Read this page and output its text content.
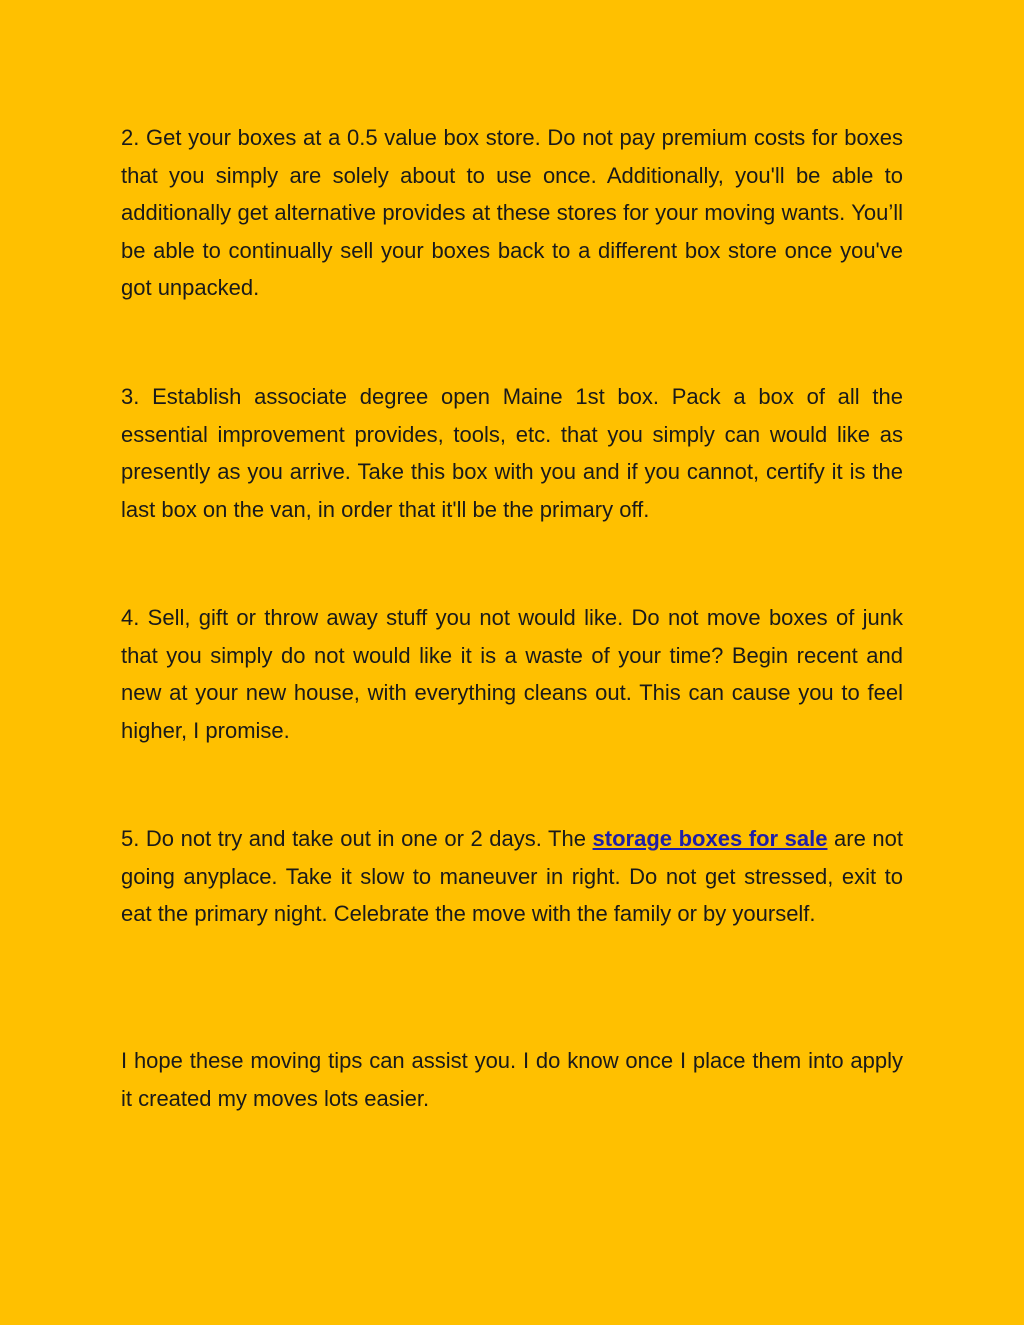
2. Get your boxes at a 0.5 value box store. Do not pay premium costs for boxes that you simply are solely about to use once. Additionally, you'll be able to additionally get alternative provides at these stores for your moving wants. You’ll be able to continually sell your boxes back to a different box store once you've got unpacked.

3. Establish associate degree open Maine 1st box. Pack a box of all the essential improvement provides, tools, etc. that you simply can would like as presently as you arrive. Take this box with you and if you cannot, certify it is the last box on the van, in order that it'll be the primary off.

4. Sell, gift or throw away stuff you not would like. Do not move boxes of junk that you simply do not would like it is a waste of your time? Begin recent and new at your new house, with everything cleans out. This can cause you to feel higher, I promise.

5. Do not try and take out in one or 2 days. The storage boxes for sale are not going anyplace. Take it slow to maneuver in right. Do not get stressed, exit to eat the primary night. Celebrate the move with the family or by yourself.

I hope these moving tips can assist you. I do know once I place them into apply it created my moves lots easier.
